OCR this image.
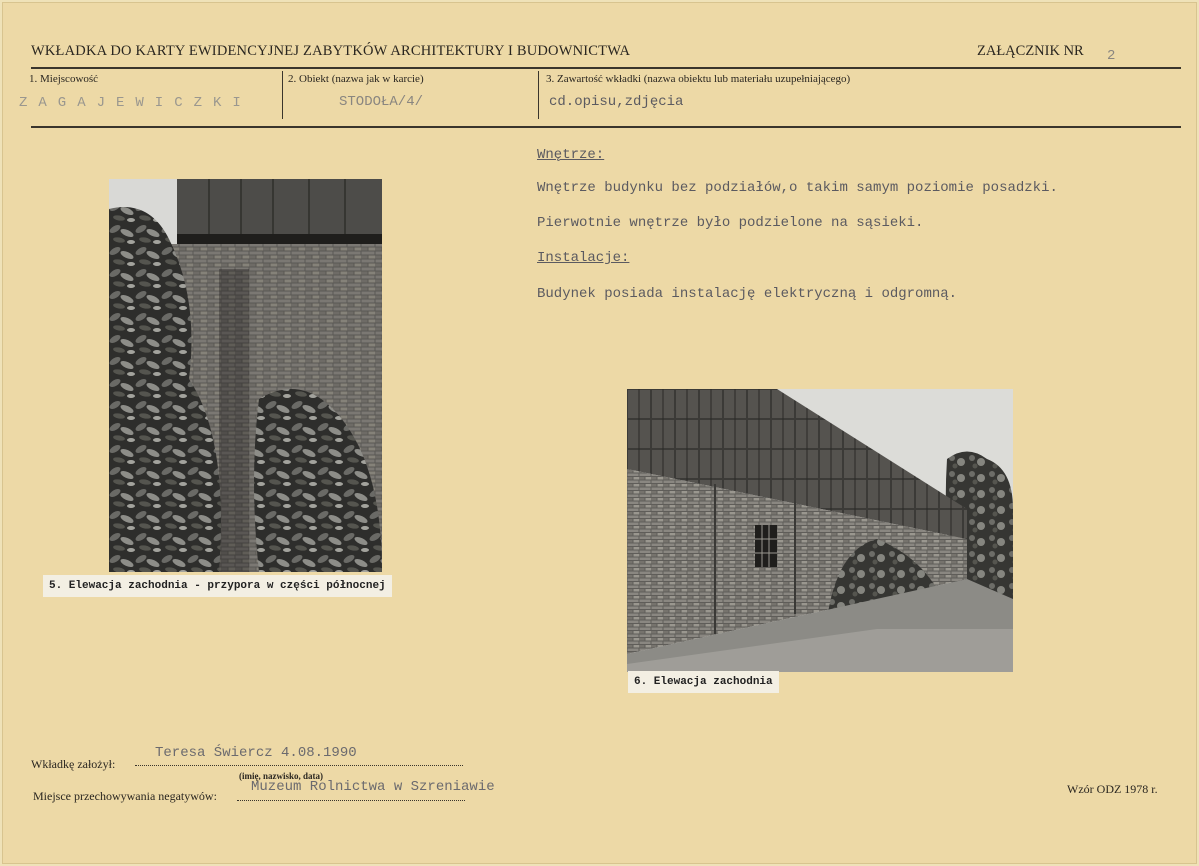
WKŁADKA DO KARTY EWIDENCYJNEJ ZABYTKÓW ARCHITEKTURY I BUDOWNICTWA	ZAŁĄCZNIK NR 2
1. Miejscowość	2. Obiekt (nazwa jak w karcie)	3. Zawartość wkładki (nazwa obiektu lub materiału uzupełniającego)
ZAGAJEWICZKI	STODOŁA/4/	cd.opisu,zdjęcia
Wnętrze:
Wnętrze budynku bez podziałów,o takim samym poziomie posadzki.
Pierwotnie wnętrze było podzielone na sąsieki.
Instalacje:
Budynek posiada instalację elektryczną i odgromną.
5. Elewacja zachodnia - przypora w części północnej
6. Elewacja zachodnia
Wkładkę założył:
Teresa Świercz 4.08.1990
(imię, nazwisko, data)
Miejsce przechowywania negatywów:
Muzeum Rolnictwa w Szreniawie	Wzór ODZ 1978 r.
